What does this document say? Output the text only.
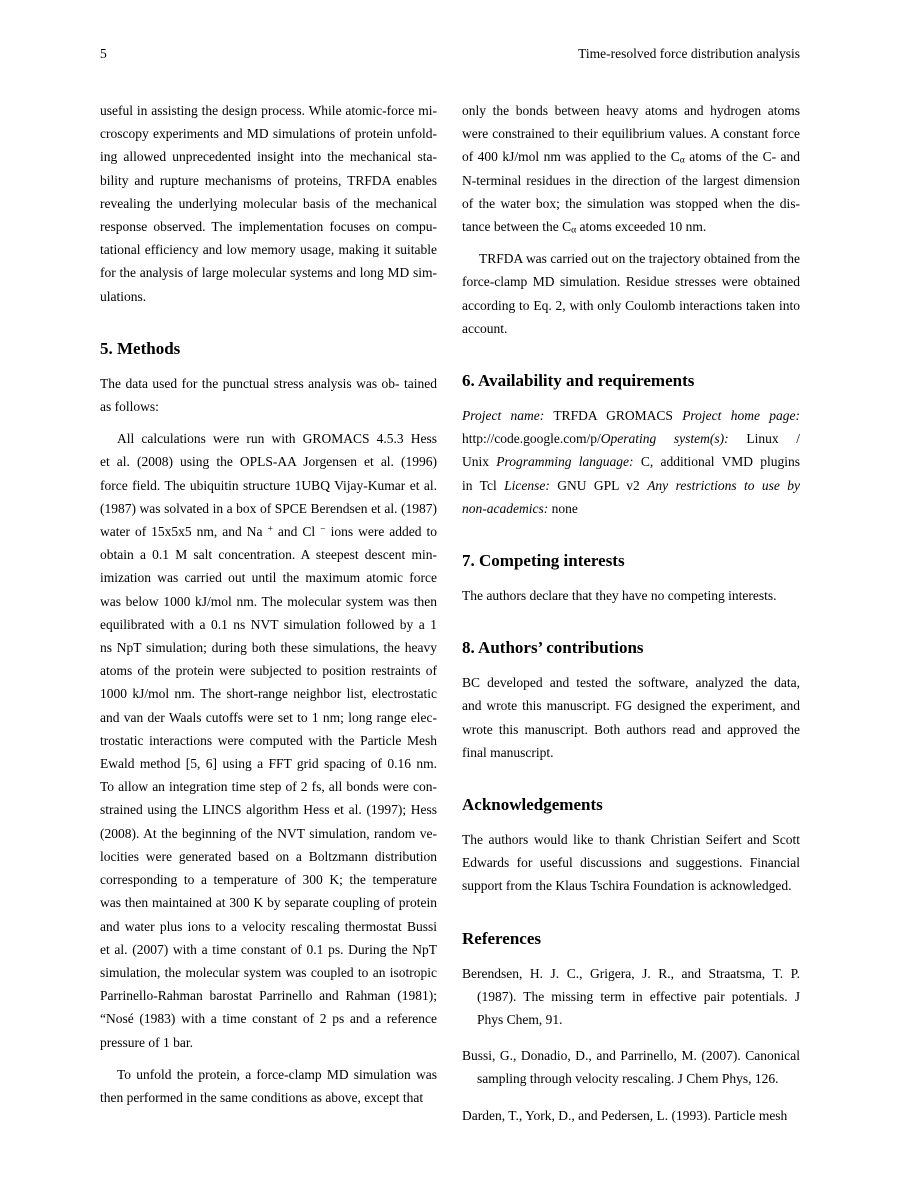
5	Time-resolved force distribution analysis
useful in assisting the design process. While atomic-force mi-
croscopy experiments and MD simulations of protein unfold-
ing allowed unprecedented insight into the mechanical sta-
bility and rupture mechanisms of proteins, TRFDA enables
revealing the underlying molecular basis of the mechanical
response observed. The implementation focuses on compu-
tational efficiency and low memory usage, making it suitable
for the analysis of large molecular systems and long MD sim-
ulations.
5. Methods
The data used for the punctual stress analysis was ob- tained
as follows:
All calculations were run with GROMACS 4.5.3 Hess
et al. (2008) using the OPLS-AA Jorgensen et al. (1996)
force field. The ubiquitin structure 1UBQ Vijay-Kumar et al.
(1987) was solvated in a box of SPCE Berendsen et al. (1987)
water of 15x5x5 nm, and Na + and Cl − ions were added to
obtain a 0.1 M salt concentration. A steepest descent min-
imization was carried out until the maximum atomic force
was below 1000 kJ/mol nm. The molecular system was then
equilibrated with a 0.1 ns NVT simulation followed by a 1
ns NpT simulation; during both these simulations, the heavy
atoms of the protein were subjected to position restraints of
1000 kJ/mol nm. The short-range neighbor list, electrostatic
and van der Waals cutoffs were set to 1 nm; long range elec-
trostatic interactions were computed with the Particle Mesh
Ewald method [5, 6] using a FFT grid spacing of 0.16 nm.
To allow an integration time step of 2 fs, all bonds were con-
strained using the LINCS algorithm Hess et al. (1997); Hess
(2008). At the beginning of the NVT simulation, random ve-
locities were generated based on a Boltzmann distribution
corresponding to a temperature of 300 K; the temperature
was then maintained at 300 K by separate coupling of protein
and water plus ions to a velocity rescaling thermostat Bussi
et al. (2007) with a time constant of 0.1 ps. During the NpT
simulation, the molecular system was coupled to an isotropic
Parrinello-Rahman barostat Parrinello and Rahman (1981);
“Nosé (1983) with a time constant of 2 ps and a reference
pressure of 1 bar.
To unfold the protein, a force-clamp MD simulation was
then performed in the same conditions as above, except that
only the bonds between heavy atoms and hydrogen atoms
were constrained to their equilibrium values. A constant force
of 400 kJ/mol nm was applied to the $C_\alpha$ atoms of the C- and
N-terminal residues in the direction of the largest dimension
of the water box; the simulation was stopped when the dis-
tance between the $C_\alpha$ atoms exceeded 10 nm.
TRFDA was carried out on the trajectory obtained from the
force-clamp MD simulation. Residue stresses were obtained
according to Eq. 2, with only Coulomb interactions taken into
account.
6. Availability and requirements
Project name: TRFDA GROMACS Project home page:
http://code.google.com/p/Operating system(s): Linux /
Unix Programming language: C, additional VMD plugins
in Tcl License: GNU GPL v2 Any restrictions to use by
non-academics: none
7. Competing interests
The authors declare that they have no competing interests.
8. Authors’ contributions
BC developed and tested the software, analyzed the data,
and wrote this manuscript. FG designed the experiment, and
wrote this manuscript. Both authors read and approved the
final manuscript.
Acknowledgements
The authors would like to thank Christian Seifert and Scott
Edwards for useful discussions and suggestions. Financial
support from the Klaus Tschira Foundation is acknowledged.
References
Berendsen, H. J. C., Grigera, J. R., and Straatsma, T. P.
(1987). The missing term in effective pair potentials. J
Phys Chem, 91.
Bussi, G., Donadio, D., and Parrinello, M. (2007). Canonical
sampling through velocity rescaling. J Chem Phys, 126.
Darden, T., York, D., and Pedersen, L. (1993). Particle mesh
